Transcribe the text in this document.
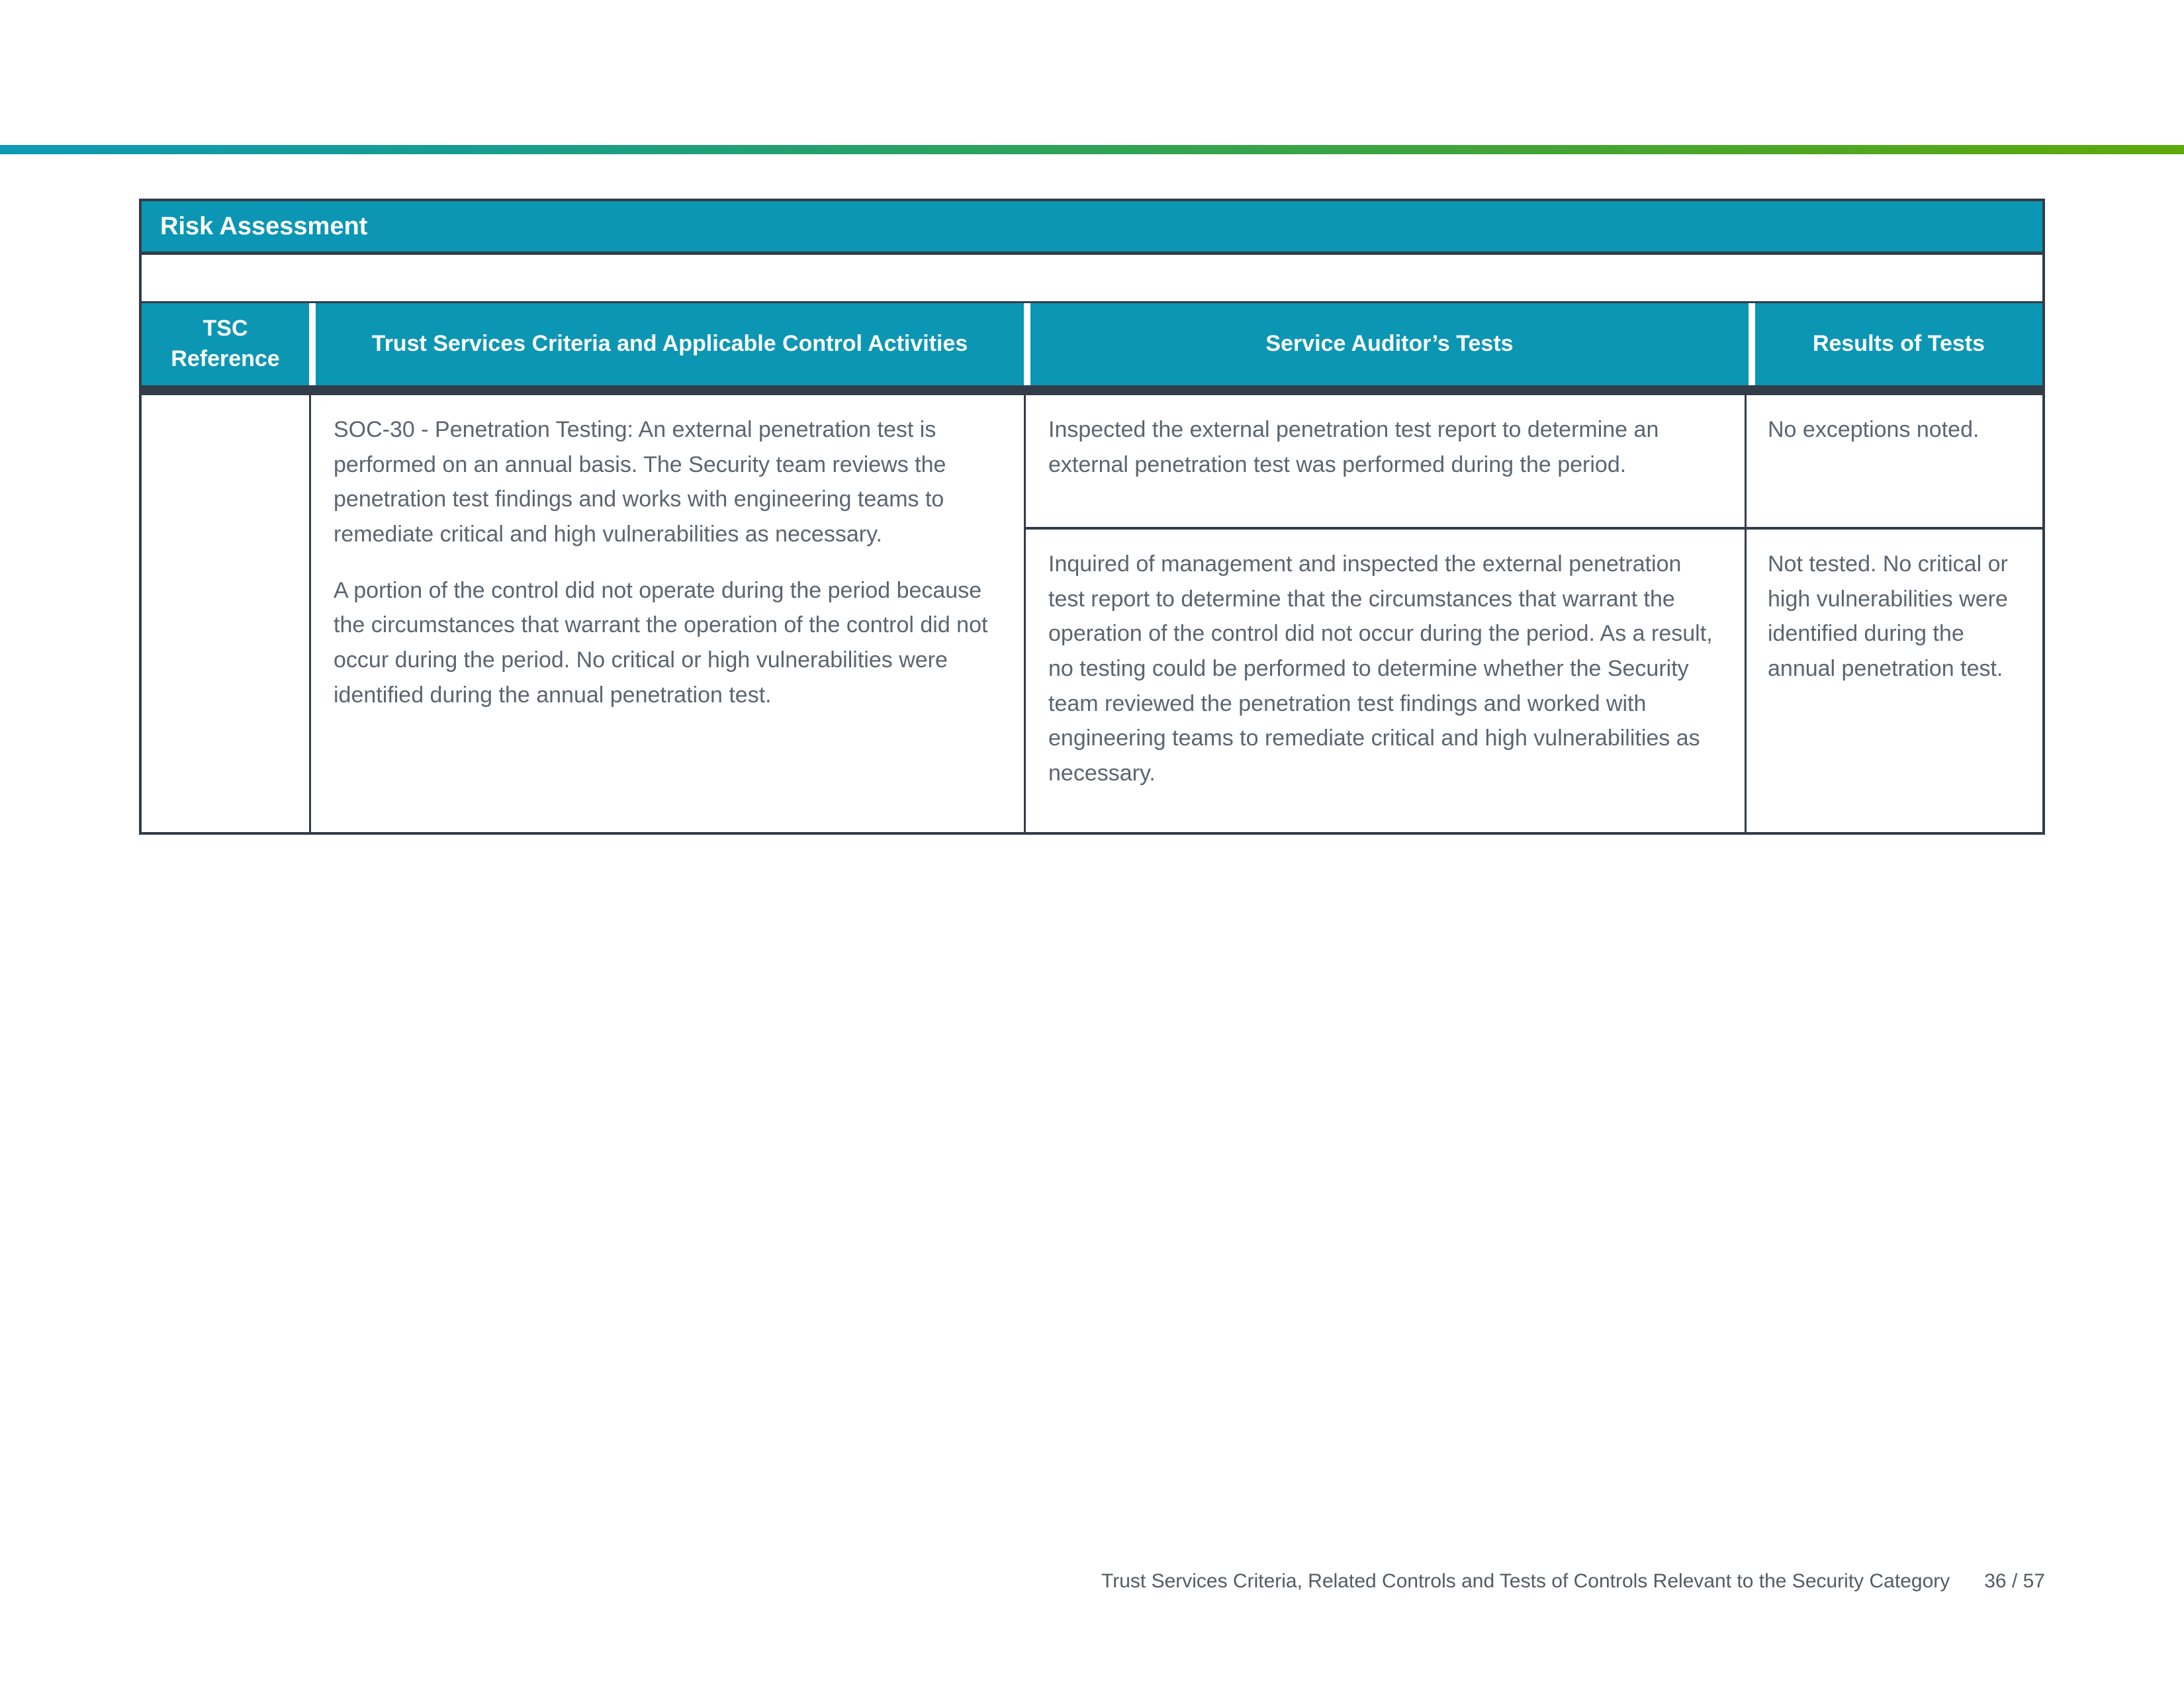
Risk Assessment
TSC Reference
Trust Services Criteria and Applicable Control Activities	Service Auditor’s Tests	Results of Tests

SOC-30 - Penetration Testing: An external penetration test is performed on an annual basis. The Security team reviews the penetration test findings and works with engineering teams to remediate critical and high vulnerabilities as necessary.

A portion of the control did not operate during the period because the circumstances that warrant the operation of the control did not occur during the period. No critical or high vulnerabilities were identified during the annual penetration test.

Inspected the external penetration test report to determine an external penetration test was performed during the period.
No exceptions noted.
Inquired of management and inspected the external penetration test report to determine that the circumstances that warrant the operation of the control did not occur during the period. As a result, no testing could be performed to determine whether the Security team reviewed the penetration test findings and worked with engineering teams to remediate critical and high vulnerabilities as necessary.
Not tested. No critical or high vulnerabilities were identified during the annual penetration test.
Trust Services Criteria, Related Controls and Tests of Controls Relevant to the Security Category 36 / 57
